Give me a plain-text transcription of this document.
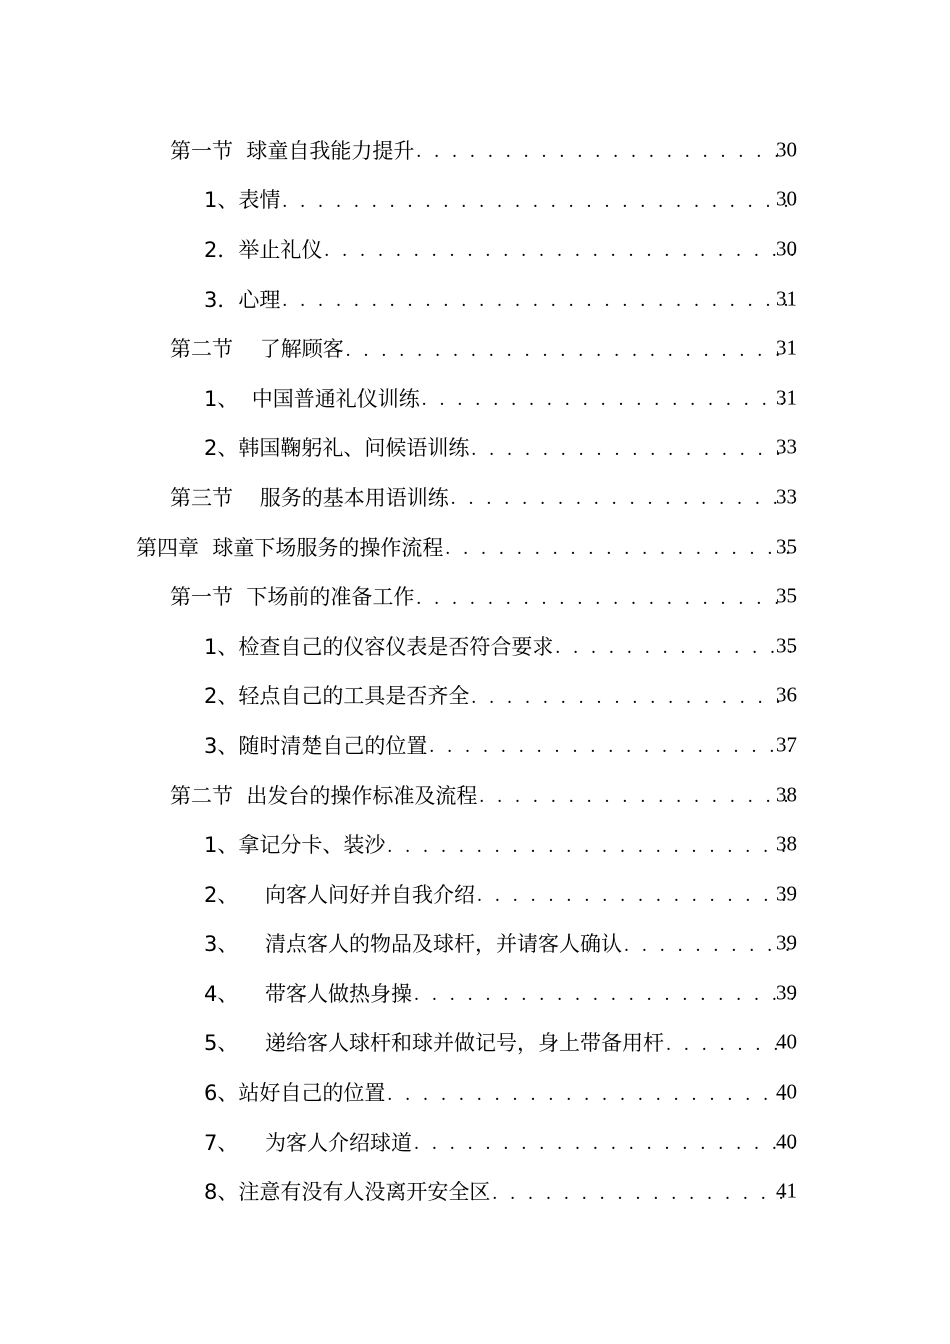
第一节  球童自我能力提升 . . .	30
1、表情 . . .	30
2．举止礼仪 . . .	30
3．心理 . . .	31
第二节    了解顾客 . . .	31
1、  中国普通礼仪训练 . . .	31
2、韩国鞠躬礼、问候语训练 . . .	33
第三节    服务的基本用语训练 . . .	33
第四章  球童下场服务的操作流程 . . .	35
第一节  下场前的准备工作 . . .	35
1、检查自己的仪容仪表是否符合要求 . . .	35
2、轻点自己的工具是否齐全 . . .	36
3、随时清楚自己的位置 . . .	37
第二节  出发台的操作标准及流程 . . .	38
1、拿记分卡、装沙 . . .	38
2、    向客人问好并自我介绍 . . .	39
3、    清点客人的物品及球杆，并请客人确认 . . .	39
4、    带客人做热身操 . . .	39
5、    递给客人球杆和球并做记号，身上带备用杆 . . .	40
6、站好自己的位置 . . .	40
7、    为客人介绍球道 . . .	40
8、注意有没有人没离开安全区 . . .	41
